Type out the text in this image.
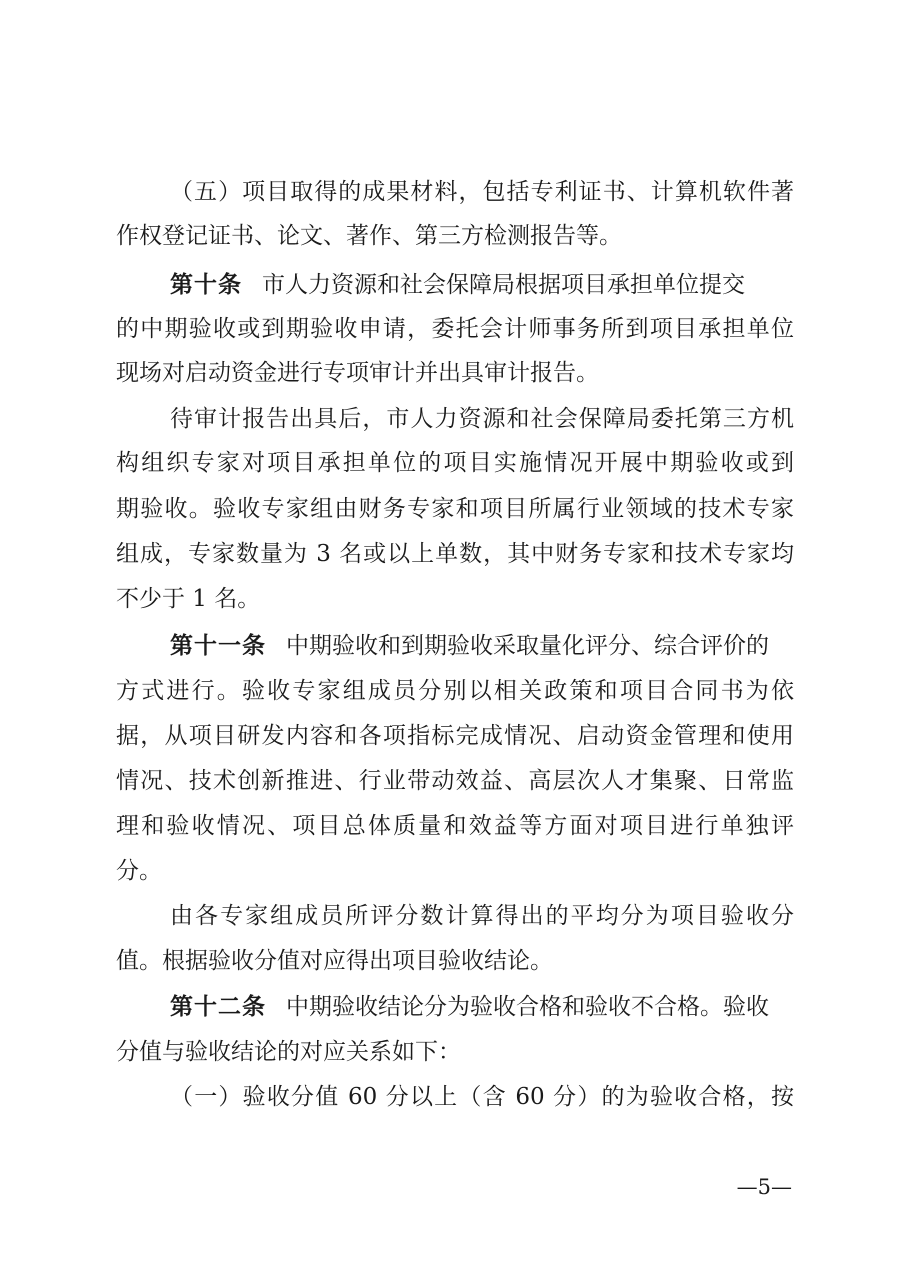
（五）项目取得的成果材料，包括专利证书、计算机软件著
作权登记证书、论文、著作、第三方检测报告等。
第十条 市人力资源和社会保障局根据项目承担单位提交
的中期验收或到期验收申请，委托会计师事务所到项目承担单位
现场对启动资金进行专项审计并出具审计报告。
待审计报告出具后，市人力资源和社会保障局委托第三方机
构组织专家对项目承担单位的项目实施情况开展中期验收或到
期验收。验收专家组由财务专家和项目所属行业领域的技术专家
组成，专家数量为 3 名或以上单数，其中财务专家和技术专家均
不少于 1 名。
第十一条 中期验收和到期验收采取量化评分、综合评价的
方式进行。验收专家组成员分别以相关政策和项目合同书为依
据，从项目研发内容和各项指标完成情况、启动资金管理和使用
情况、技术创新推进、行业带动效益、高层次人才集聚、日常监
理和验收情况、项目总体质量和效益等方面对项目进行单独评
分。
由各专家组成员所评分数计算得出的平均分为项目验收分
值。根据验收分值对应得出项目验收结论。
第十二条 中期验收结论分为验收合格和验收不合格。验收
分值与验收结论的对应关系如下：
（一）验收分值 60 分以上（含 60 分）的为验收合格，按
—5—
